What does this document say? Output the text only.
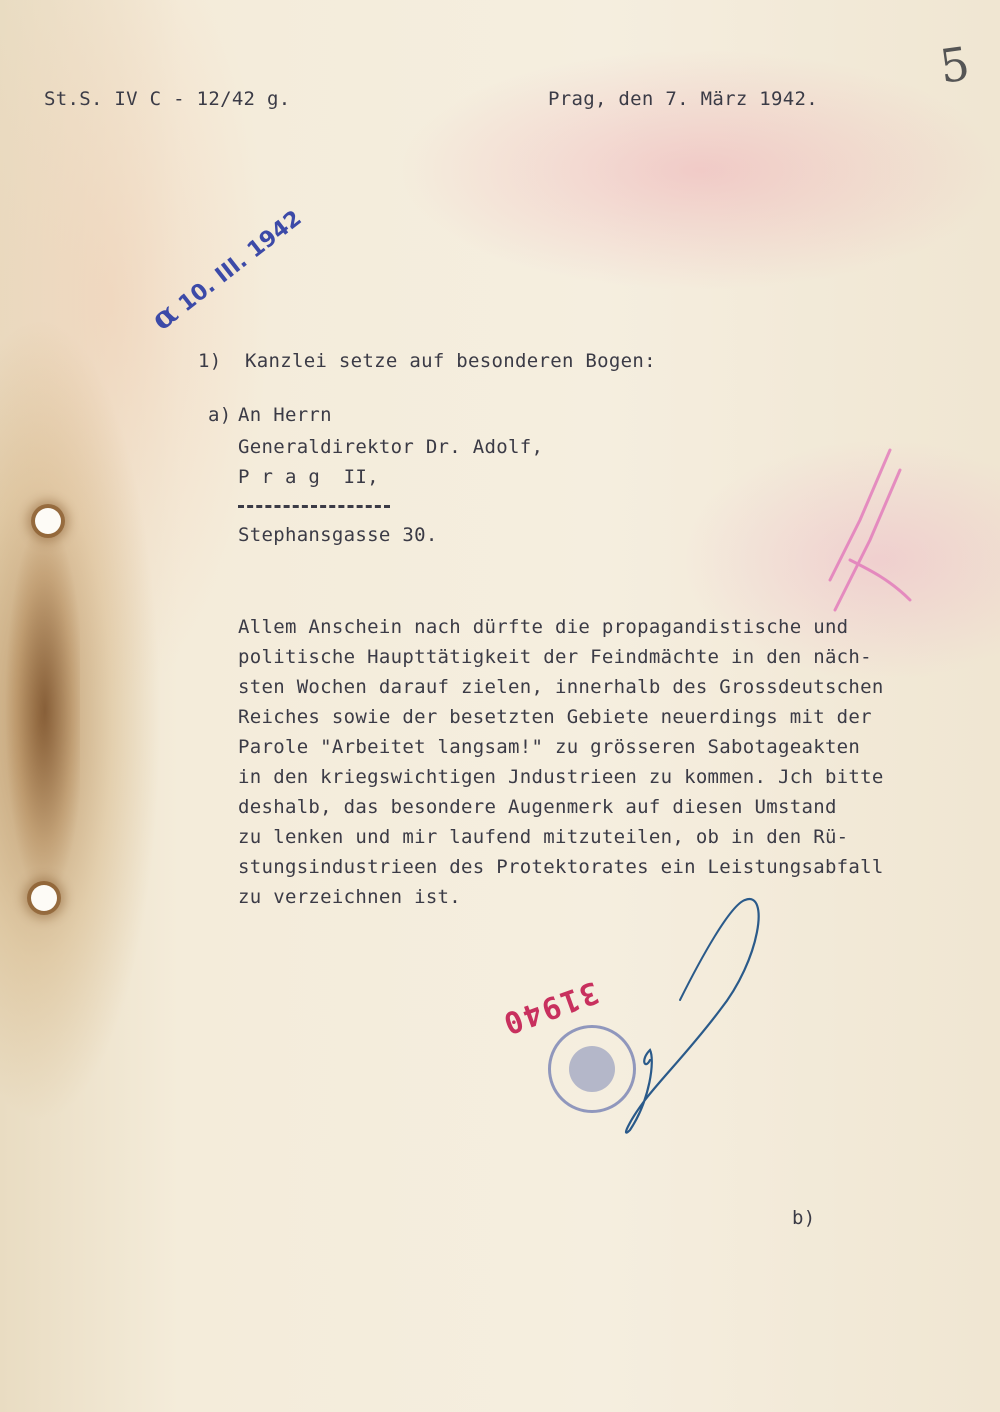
St.S. IV C - 12/42 g.	Prag, den 7. März 1942.
5
α 10. III. 1942
1) Kanzlei setze auf besonderen Bogen:
a) An Herrn
Generaldirektor Dr. Adolf,
P r a g  II,
Stephansgasse 30.
Allem Anschein nach dürfte die propagandistische und
politische Haupttätigkeit der Feindmächte in den näch-
sten Wochen darauf zielen, innerhalb des Grossdeutschen
Reiches sowie der besetzten Gebiete neuerdings mit der
Parole "Arbeitet langsam!" zu grösseren Sabotageakten
in den kriegswichtigen Jndustrieen zu kommen. Jch bitte
deshalb, das besondere Augenmerk auf diesen Umstand
zu lenken und mir laufend mitzuteilen, ob in den Rü-
stungsindustrieen des Protektorates ein Leistungsabfall
zu verzeichnen ist.
31940
b)
